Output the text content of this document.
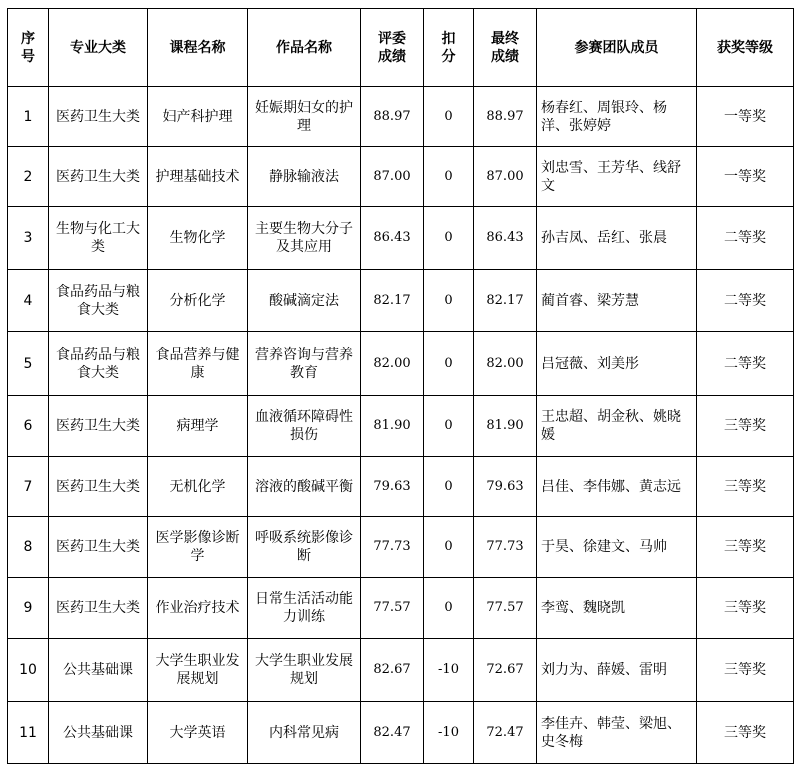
序号	专业大类	课程名称	作品名称	评委成绩	扣分	最终成绩	参赛团队成员	获奖等级
1	医药卫生大类	妇产科护理	妊娠期妇女的护理	88.97	0	88.97	杨春红、周银玲、杨洋、张婷婷	一等奖
2	医药卫生大类	护理基础技术	静脉输液法	87.00	0	87.00	刘忠雪、王芳华、线舒文	一等奖
3	生物与化工大类	生物化学	主要生物大分子及其应用	86.43	0	86.43	孙吉凤、岳红、张晨	二等奖
4	食品药品与粮食大类	分析化学	酸碱滴定法	82.17	0	82.17	蔺首睿、梁芳慧	二等奖
5	食品药品与粮食大类	食品营养与健康	营养咨询与营养教育	82.00	0	82.00	吕冠薇、刘美彤	二等奖
6	医药卫生大类	病理学	血液循环障碍性损伤	81.90	0	81.90	王忠超、胡金秋、姚晓媛	三等奖
7	医药卫生大类	无机化学	溶液的酸碱平衡	79.63	0	79.63	吕佳、李伟娜、黄志远	三等奖
8	医药卫生大类	医学影像诊断学	呼吸系统影像诊断	77.73	0	77.73	于昊、徐建文、马帅	三等奖
9	医药卫生大类	作业治疗技术	日常生活活动能力训练	77.57	0	77.57	李鸾、魏晓凯	三等奖
10	公共基础课	大学生职业发展规划	大学生职业发展规划	82.67	-10	72.67	刘力为、薛媛、雷明	三等奖
11	公共基础课	大学英语	内科常见病	82.47	-10	72.47	李佳卉、韩莹、梁旭、史冬梅	三等奖
